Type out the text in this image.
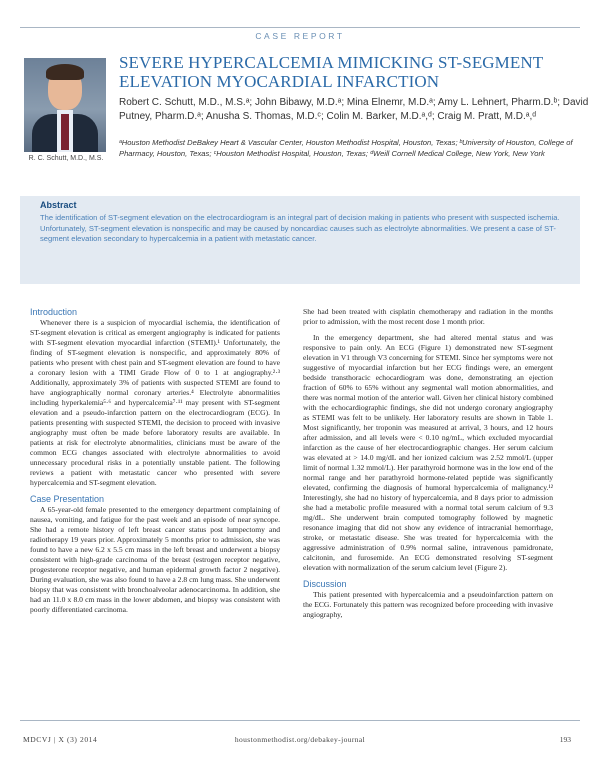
CASE REPORT
R. C. Schutt, M.D., M.S.
SEVERE HYPERCALCEMIA MIMICKING ST-SEGMENT ELEVATION MYOCARDIAL INFARCTION
Robert C. Schutt, M.D., M.S.ᵃ; John Bibawy, M.D.ᵃ; Mina Elnemr, M.D.ᵃ; Amy L. Lehnert, Pharm.D.ᵇ; David Putney, Pharm.D.ᵃ; Anusha S. Thomas, M.D.ᶜ; Colin M. Barker, M.D.ᵃ,ᵈ; Craig M. Pratt, M.D.ᵃ,ᵈ
ᵃHouston Methodist DeBakey Heart & Vascular Center, Houston Methodist Hospital, Houston, Texas; ᵇUniversity of Houston, College of Pharmacy, Houston, Texas; ᶜHouston Methodist Hospital, Houston, Texas; ᵈWeill Cornell Medical College, New York, New York
Abstract
The identification of ST-segment elevation on the electrocardiogram is an integral part of decision making in patients who present with suspected ischemia. Unfortunately, ST-segment elevation is nonspecific and may be caused by noncardiac causes such as electrolyte abnormalities. We present a case of ST-segment elevation secondary to hypercalcemia in a patient with metastatic cancer.
Introduction

Whenever there is a suspicion of myocardial ischemia, the identification of ST-segment elevation is critical as emergent angiography is indicated for patients with ST-segment elevation myocardial infarction (STEMI).¹ Unfortunately, the finding of ST-segment elevation is nonspecific, and approximately 80% of patients who present with chest pain and ST-segment elevation are found to have a coronary lesion with a TIMI Grade Flow of 0 to 1 at angiography.²·³ Additionally, approximately 3% of patients with suspected STEMI are found to have angiographically normal coronary arteries.⁴ Electrolyte abnormalities including hyperkalemia⁵·⁶ and hypercalcemia⁷·¹¹ may present with ST-segment elevation and a pseudo-infarction pattern on the electrocardiogram (ECG). In patients presenting with suspected STEMI, the decision to proceed with invasive angiography must often be made before laboratory results are available. In patients at risk for electrolyte abnormalities, clinicians must be aware of the common ECG changes associated with electrolyte abnormalities to avoid unnecessary procedural risks in a potentially unstable patient. The following reviews a patient with metastatic cancer who presented with severe hypercalcemia and ST-segment elevation.

Case Presentation

A 65-year-old female presented to the emergency department complaining of nausea, vomiting, and fatigue for the past week and an episode of near syncope. She had a remote history of left breast cancer status post lumpectomy and radiotherapy 19 years prior. Approximately 5 months prior to admission, she was found to have a new 6.2 x 5.5 cm mass in the left breast and underwent a biopsy consistent with high-grade carcinoma of the breast (estrogen receptor negative, progesterone receptor negative, and human epidermal growth factor 2 negative). During evaluation, she was also found to have a 2.8 cm lung mass. She underwent biopsy that was consistent with bronchoalveolar adenocarcinoma. In addition, she had an 11.0 x 8.0 cm mass in the lower abdomen, and biopsy was consistent with poorly differentiated carcinoma.

She had been treated with cisplatin chemotherapy and radiation in the months prior to admission, with the most recent dose 1 month prior.

In the emergency department, she had altered mental status and was responsive to pain only. An ECG (Figure 1) demonstrated new ST-segment elevation in V1 through V3 concerning for STEMI. Since her symptoms were not suggestive of myocardial infarction but her ECG findings were, an emergent bedside transthoracic echocardiogram was done, demonstrating an ejection fraction of 60% to 65% without any segmental wall motion abnormalities, and there was normal motion of the anterior wall. Given her clinical history combined with the echocardiographic findings, she did not undergo coronary angiography as STEMI was felt to be unlikely. Her laboratory results are shown in Table 1. Most significantly, her troponin was measured at arrival, 3 hours, and 12 hours after admission, and all levels were < 0.10 ng/mL, which excluded myocardial infarction as the cause of her electrocardiographic changes. Her serum calcium was elevated at > 14.0 mg/dL and her ionized calcium was 2.52 mmol/L (upper limit of normal 1.32 mmol/L). Her parathyroid hormone was in the low end of the normal range and her parathyroid hormone-related peptide was significantly elevated, confirming the diagnosis of humoral hypercalcemia of malignancy.¹² Interestingly, she had no history of hypercalcemia, and 8 days prior to admission she had a metabolic profile measured with a normal total serum calcium of 9.3 mg/dL. She underwent brain computed tomography followed by magnetic resonance imaging that did not show any evidence of intracranial hemorrhage, stroke, or metastatic disease. She was treated for hypercalcemia with the aggressive administration of 0.9% normal saline, intravenous pamidronate, calcitonin, and furosemide. An ECG demonstrated resolving ST-segment elevation with normalization of the serum calcium level (Figure 2).

Discussion

This patient presented with hypercalcemia and a pseudoinfarction pattern on the ECG. Fortunately this pattern was recognized before proceeding with invasive angiography,

MDCVJ | X (3) 2014	houstonmethodist.org/debakey-journal	193
